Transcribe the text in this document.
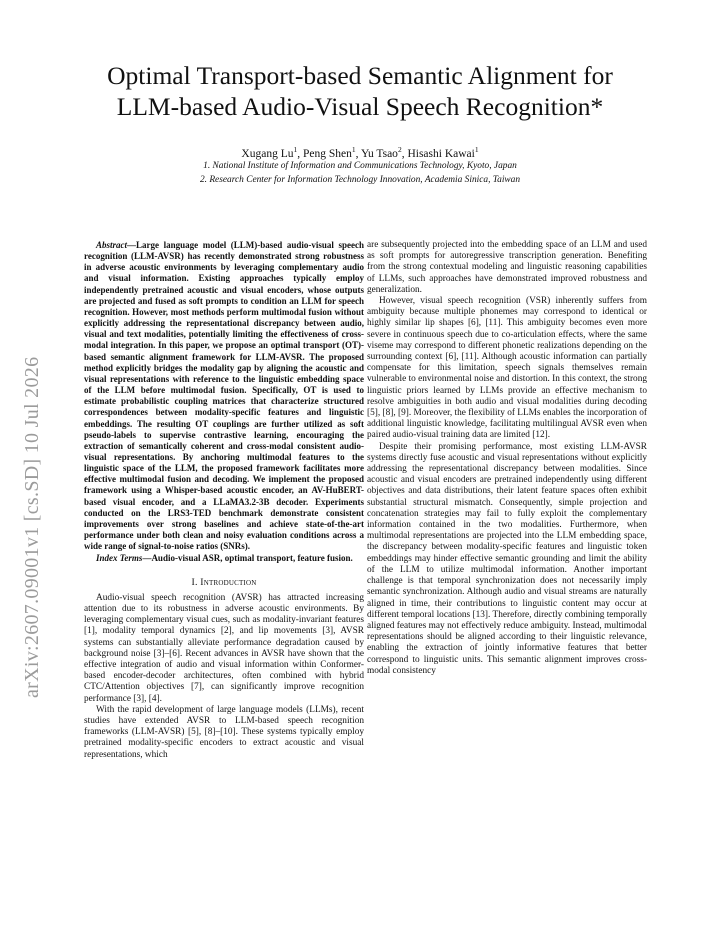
arXiv:2607.09001v1 [cs.SD] 10 Jul 2026
Optimal Transport-based Semantic Alignment for
LLM-based Audio-Visual Speech Recognition*
Xugang Lu$^1$, Peng Shen$^1$, Yu Tsao$^2$, Hisashi Kawai$^1$
1. National Institute of Information and Communications Technology, Kyoto, Japan
2. Research Center for Information Technology Innovation, Academia Sinica, Taiwan

Abstract—Large language model (LLM)-based audio-visual speech recognition (LLM-AVSR) has recently demonstrated strong robustness in adverse acoustic environments by leveraging complementary audio and visual information. Existing approaches typically employ independently pretrained acoustic and visual encoders, whose outputs are projected and fused as soft prompts to condition an LLM for speech recognition. However, most methods perform multimodal fusion without explicitly addressing the representational discrepancy between audio, visual and text modalities, potentially limiting the effectiveness of cross-modal integration. In this paper, we propose an optimal transport (OT)-based semantic alignment framework for LLM-AVSR. The proposed method explicitly bridges the modality gap by aligning the acoustic and visual representations with reference to the linguistic embedding space of the LLM before multimodal fusion. Specifically, OT is used to estimate probabilistic coupling matrices that characterize structured correspondences between modality-specific features and linguistic embeddings. The resulting OT couplings are further utilized as soft pseudo-labels to supervise contrastive learning, encouraging the extraction of semantically coherent and cross-modal consistent audio-visual representations. By anchoring multimodal features to the linguistic space of the LLM, the proposed framework facilitates more effective multimodal fusion and decoding. We implement the proposed framework using a Whisper-based acoustic encoder, an AV-HuBERT-based visual encoder, and a LLaMA3.2-3B decoder. Experiments conducted on the LRS3-TED benchmark demonstrate consistent improvements over strong baselines and achieve state-of-the-art performance under both clean and noisy evaluation conditions across a wide range of signal-to-noise ratios (SNRs).

Index Terms—Audio-visual ASR, optimal transport, feature fusion.

I. Introduction

Audio-visual speech recognition (AVSR) has attracted increasing attention due to its robustness in adverse acoustic environments. By leveraging complementary visual cues, such as modality-invariant features [1], modality temporal dynamics [2], and lip movements [3], AVSR systems can substantially alleviate performance degradation caused by background noise [3]–[6]. Recent advances in AVSR have shown that the effective integration of audio and visual information within Conformer-based encoder-decoder architectures, often combined with hybrid CTC/Attention objectives [7], can significantly improve recognition performance [3], [4].

With the rapid development of large language models (LLMs), recent studies have extended AVSR to LLM-based speech recognition frameworks (LLM-AVSR) [5], [8]–[10]. These systems typically employ pretrained modality-specific encoders to extract acoustic and visual representations, which

are subsequently projected into the embedding space of an LLM and used as soft prompts for autoregressive transcription generation. Benefiting from the strong contextual modeling and linguistic reasoning capabilities of LLMs, such approaches have demonstrated improved robustness and generalization.

However, visual speech recognition (VSR) inherently suffers from ambiguity because multiple phonemes may correspond to identical or highly similar lip shapes [6], [11]. This ambiguity becomes even more severe in continuous speech due to co-articulation effects, where the same viseme may correspond to different phonetic realizations depending on the surrounding context [6], [11]. Although acoustic information can partially compensate for this limitation, speech signals themselves remain vulnerable to environmental noise and distortion. In this context, the strong linguistic priors learned by LLMs provide an effective mechanism to resolve ambiguities in both audio and visual modalities during decoding [5], [8], [9]. Moreover, the flexibility of LLMs enables the incorporation of additional linguistic knowledge, facilitating multilingual AVSR even when paired audio-visual training data are limited [12].

Despite their promising performance, most existing LLM-AVSR systems directly fuse acoustic and visual representations without explicitly addressing the representational discrepancy between modalities. Since acoustic and visual encoders are pretrained independently using different objectives and data distributions, their latent feature spaces often exhibit substantial structural mismatch. Consequently, simple projection and concatenation strategies may fail to fully exploit the complementary information contained in the two modalities. Furthermore, when multimodal representations are projected into the LLM embedding space, the discrepancy between modality-specific features and linguistic token embeddings may hinder effective semantic grounding and limit the ability of the LLM to utilize multimodal information. Another important challenge is that temporal synchronization does not necessarily imply semantic synchronization. Although audio and visual streams are naturally aligned in time, their contributions to linguistic content may occur at different temporal locations [13]. Therefore, directly combining temporally aligned features may not effectively reduce ambiguity. Instead, multimodal representations should be aligned according to their linguistic relevance, enabling the extraction of jointly informative features that better correspond to linguistic units. This semantic alignment improves cross-modal consistency
